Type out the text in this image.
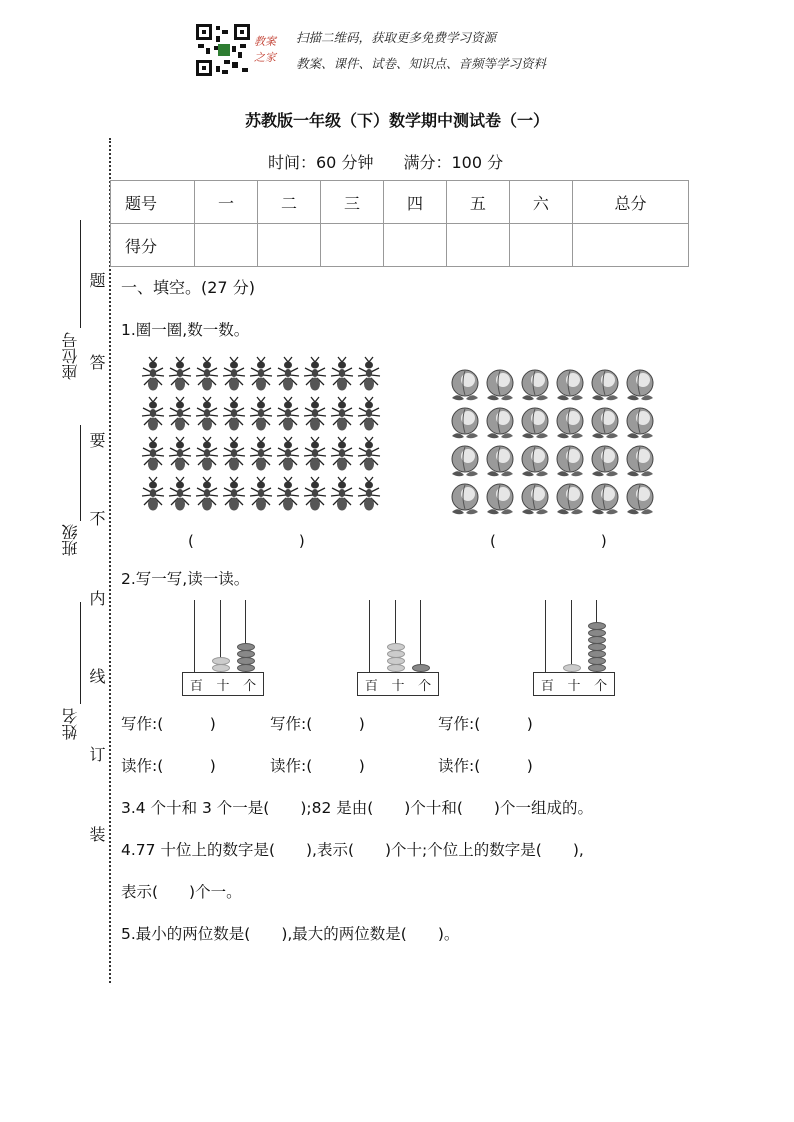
教案
之家
扫描二维码，获取更多免费学习资源
教案、课件、试卷、知识点、音频等学习资料
苏教版一年级（下）数学期中测试卷（一）
时间：60 分钟 满分：100 分
题
答
要
不
内
线
订
装
座位号
班级
姓名
题号	一	二	三	四	五	六	总分
得分							
一、填空。(27 分)
1.圈一圈,数一数。
(　　　　　　　)	(　　　　　　　)
2.写一写,读一读。
百 十 个	百 十 个	百 十 个
写作:(　　　)	写作:(　　　)	写作:(　　　)
读作:(　　　)	读作:(　　　)	读作:(　　　)
3.4 个十和 3 个一是(　　);82 是由(　　)个十和(　　)个一组成的。
4.77 十位上的数字是(　　),表示(　　)个十;个位上的数字是(　　),
表示(　　)个一。
5.最小的两位数是(　　),最大的两位数是(　　)。
